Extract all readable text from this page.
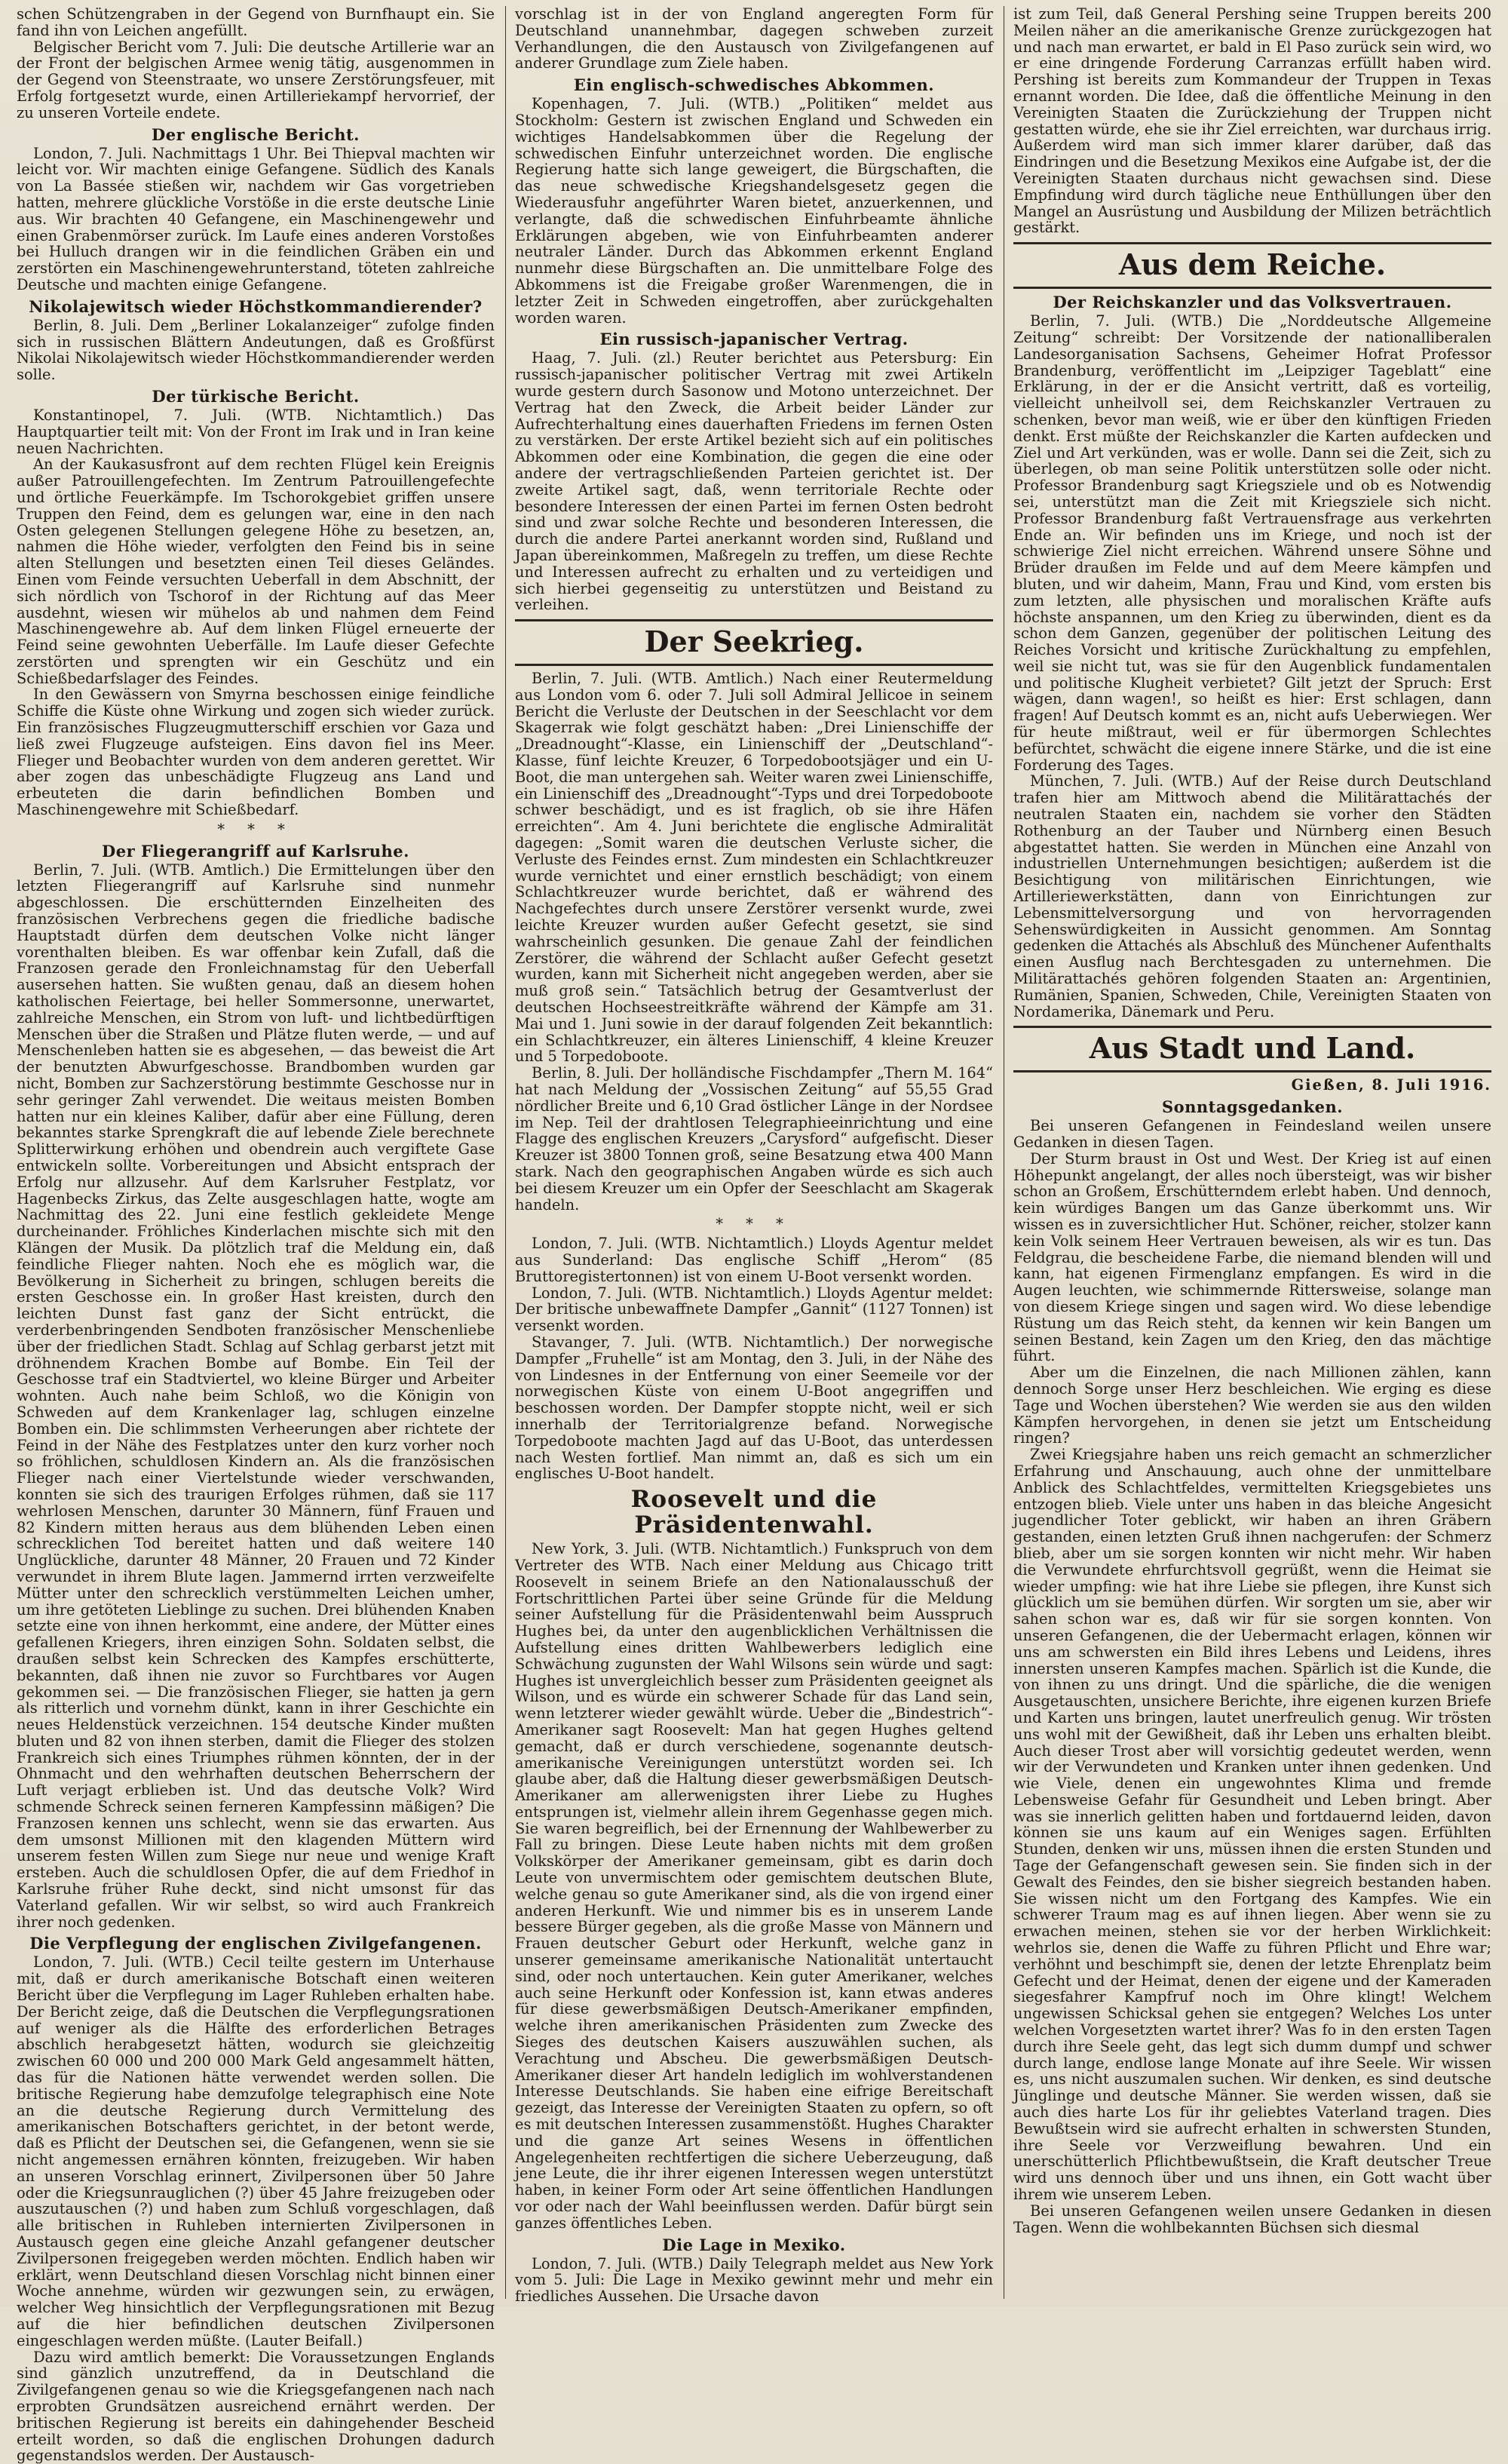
schen Schützengraben in der Gegend von Burnfhaupt ein. Sie fand ihn von Leichen angefüllt.

Belgischer Bericht vom 7. Juli: Die deutsche Artillerie war an der Front der belgischen Armee wenig tätig, ausgenommen in der Gegend von Steenstraate, wo unsere Zerstörungsfeuer, mit Erfolg fortgesetzt wurde, einen Artilleriekampf hervorrief, der zu unseren Vorteile endete.

Der englische Bericht.

London, 7. Juli. Nachmittags 1 Uhr. Bei Thiepval machten wir leicht vor. Wir machten einige Gefangene. Südlich des Kanals von La Bassée stießen wir, nachdem wir Gas vorgetrieben hatten, mehrere glückliche Vorstöße in die erste deutsche Linie aus. Wir brachten 40 Gefangene, ein Maschinengewehr und einen Grabenmörser zurück. Im Laufe eines anderen Vorstoßes bei Hulluch drangen wir in die feindlichen Gräben ein und zerstörten ein Maschinengewehrunterstand, töteten zahlreiche Deutsche und machten einige Gefangene.

Nikolajewitsch wieder Höchstkommandierender?

Berlin, 8. Juli. Dem „Berliner Lokalanzeiger“ zufolge finden sich in russischen Blättern Andeutungen, daß es Großfürst Nikolai Nikolajewitsch wieder Höchstkommandierender werden solle.

Der türkische Bericht.

Konstantinopel, 7. Juli. (WTB. Nichtamtlich.) Das Hauptquartier teilt mit: Von der Front im Irak und in Iran keine neuen Nachrichten.

An der Kaukasusfront auf dem rechten Flügel kein Ereignis außer Patrouillengefechten. Im Zentrum Patrouillengefechte und örtliche Feuerkämpfe. Im Tschorokgebiet griffen unsere Truppen den Feind, dem es gelungen war, eine in den nach Osten gelegenen Stellungen gelegene Höhe zu besetzen, an, nahmen die Höhe wieder, verfolgten den Feind bis in seine alten Stellungen und besetzten einen Teil dieses Geländes. Einen vom Feinde versuchten Ueberfall in dem Abschnitt, der sich nördlich von Tschorof in der Richtung auf das Meer ausdehnt, wiesen wir mühelos ab und nahmen dem Feind Maschinengewehre ab. Auf dem linken Flügel erneuerte der Feind seine gewohnten Ueberfälle. Im Laufe dieser Gefechte zerstörten und sprengten wir ein Geschütz und ein Schießbedarfslager des Feindes.

In den Gewässern von Smyrna beschossen einige feindliche Schiffe die Küste ohne Wirkung und zogen sich wieder zurück. Ein französisches Flugzeugmutterschiff erschien vor Gaza und ließ zwei Flugzeuge aufsteigen. Eins davon fiel ins Meer. Flieger und Beobachter wurden von dem anderen gerettet. Wir aber zogen das unbeschädigte Flugzeug ans Land und erbeuteten die darin befindlichen Bomben und Maschinengewehre mit Schießbedarf.

* * *
Der Fliegerangriff auf Karlsruhe.

Berlin, 7. Juli. (WTB. Amtlich.) Die Ermittelungen über den letzten Fliegerangriff auf Karlsruhe sind nunmehr abgeschlossen. Die erschütternden Einzelheiten des französischen Verbrechens gegen die friedliche badische Hauptstadt dürfen dem deutschen Volke nicht länger vorenthalten bleiben. Es war offenbar kein Zufall, daß die Franzosen gerade den Fronleichnamstag für den Ueberfall ausersehen hatten. Sie wußten genau, daß an diesem hohen katholischen Feiertage, bei heller Sommersonne, unerwartet, zahlreiche Menschen, ein Strom von luft- und lichtbedürftigen Menschen über die Straßen und Plätze fluten werde, — und auf Menschenleben hatten sie es abgesehen, — das beweist die Art der benutzten Abwurfgeschosse. Brandbomben wurden gar nicht, Bomben zur Sachzerstörung bestimmte Geschosse nur in sehr geringer Zahl verwendet. Die weitaus meisten Bomben hatten nur ein kleines Kaliber, dafür aber eine Füllung, deren bekanntes starke Sprengkraft die auf lebende Ziele berechnete Splitterwirkung erhöhen und obendrein auch vergiftete Gase entwickeln sollte. Vorbereitungen und Absicht entsprach der Erfolg nur allzusehr. Auf dem Karlsruher Festplatz, vor Hagenbecks Zirkus, das Zelte ausgeschlagen hatte, wogte am Nachmittag des 22. Juni eine festlich gekleidete Menge durcheinander. Fröhliches Kinderlachen mischte sich mit den Klängen der Musik. Da plötzlich traf die Meldung ein, daß feindliche Flieger nahten. Noch ehe es möglich war, die Bevölkerung in Sicherheit zu bringen, schlugen bereits die ersten Geschosse ein. In großer Hast kreisten, durch den leichten Dunst fast ganz der Sicht entrückt, die verderbenbringenden Sendboten französischer Menschenliebe über der friedlichen Stadt. Schlag auf Schlag gerbarst jetzt mit dröhnendem Krachen Bombe auf Bombe. Ein Teil der Geschosse traf ein Stadtviertel, wo kleine Bürger und Arbeiter wohnten. Auch nahe beim Schloß, wo die Königin von Schweden auf dem Krankenlager lag, schlugen einzelne Bomben ein. Die schlimmsten Verheerungen aber richtete der Feind in der Nähe des Festplatzes unter den kurz vorher noch so fröhlichen, schuldlosen Kindern an. Als die französischen Flieger nach einer Viertelstunde wieder verschwanden, konnten sie sich des traurigen Erfolges rühmen, daß sie 117 wehrlosen Menschen, darunter 30 Männern, fünf Frauen und 82 Kindern mitten heraus aus dem blühenden Leben einen schrecklichen Tod bereitet hatten und daß weitere 140 Unglückliche, darunter 48 Männer, 20 Frauen und 72 Kinder verwundet in ihrem Blute lagen. Jammernd irrten verzweifelte Mütter unter den schrecklich verstümmelten Leichen umher, um ihre getöteten Lieblinge zu suchen. Drei blühenden Knaben setzte eine von ihnen herkommt, eine andere, der Mütter eines gefallenen Kriegers, ihren einzigen Sohn. Soldaten selbst, die draußen selbst kein Schrecken des Kampfes erschütterte, bekannten, daß ihnen nie zuvor so Furchtbares vor Augen gekommen sei. — Die französischen Flieger, sie hatten ja gern als ritterlich und vornehm dünkt, kann in ihrer Geschichte ein neues Heldenstück verzeichnen. 154 deutsche Kinder mußten bluten und 82 von ihnen sterben, damit die Flieger des stolzen Frankreich sich eines Triumphes rühmen könnten, der in der Ohnmacht und den wehrhaften deutschen Beherrschern der Luft verjagt erblieben ist. Und das deutsche Volk? Wird schmende Schreck seinen ferneren Kampfessinn mäßigen? Die Franzosen kennen uns schlecht, wenn sie das erwarten. Aus dem umsonst Millionen mit den klagenden Müttern wird unserem festen Willen zum Siege nur neue und wenige Kraft ersteben. Auch die schuldlosen Opfer, die auf dem Friedhof in Karlsruhe früher Ruhe deckt, sind nicht umsonst für das Vaterland gefallen. Wir wir selbst, so wird auch Frankreich ihrer noch gedenken.

Die Verpflegung der englischen Zivilgefangenen.

London, 7. Juli. (WTB.) Cecil teilte gestern im Unterhause mit, daß er durch amerikanische Botschaft einen weiteren Bericht über die Verpflegung im Lager Ruhleben erhalten habe. Der Bericht zeige, daß die Deutschen die Verpflegungsrationen auf weniger als die Hälfte des erforderlichen Betrages abschlich herabgesetzt hätten, wodurch sie gleichzeitig zwischen 60 000 und 200 000 Mark Geld angesammelt hätten, das für die Nationen hätte verwendet werden sollen. Die britische Regierung habe demzufolge telegraphisch eine Note an die deutsche Regierung durch Vermittelung des amerikanischen Botschafters gerichtet, in der betont werde, daß es Pflicht der Deutschen sei, die Gefangenen, wenn sie sie nicht angemessen ernähren könnten, freizugeben. Wir haben an unseren Vorschlag erinnert, Zivilpersonen über 50 Jahre oder die Kriegsunrauglichen (?) über 45 Jahre freizugeben oder auszutauschen (?) und haben zum Schluß vorgeschlagen, daß alle britischen in Ruhleben internierten Zivilpersonen in Austausch gegen eine gleiche Anzahl gefangener deutscher Zivilpersonen freigegeben werden möchten. Endlich haben wir erklärt, wenn Deutschland diesen Vorschlag nicht binnen einer Woche annehme, würden wir gezwungen sein, zu erwägen, welcher Weg hinsichtlich der Verpflegungsrationen mit Bezug auf die hier befindlichen deutschen Zivilpersonen eingeschlagen werden müßte. (Lauter Beifall.)

Dazu wird amtlich bemerkt: Die Voraussetzungen Englands sind gänzlich unzutreffend, da in Deutschland die Zivilgefangenen genau so wie die Kriegsgefangenen nach nach erprobten Grundsätzen ausreichend ernährt werden. Der britischen Regierung ist bereits ein dahingehender Bescheid erteilt worden, so daß die englischen Drohungen dadurch gegenstandslos werden. Der Austausch-

vorschlag ist in der von England angeregten Form für Deutschland unannehmbar, dagegen schweben zurzeit Verhandlungen, die den Austausch von Zivilgefangenen auf anderer Grundlage zum Ziele haben.

Ein englisch-schwedisches Abkommen.

Kopenhagen, 7. Juli. (WTB.) „Politiken“ meldet aus Stockholm: Gestern ist zwischen England und Schweden ein wichtiges Handelsabkommen über die Regelung der schwedischen Einfuhr unterzeichnet worden. Die englische Regierung hatte sich lange geweigert, die Bürgschaften, die das neue schwedische Kriegshandelsgesetz gegen die Wiederausfuhr angeführter Waren bietet, anzuerkennen, und verlangte, daß die schwedischen Einfuhrbeamte ähnliche Erklärungen abgeben, wie von Einfuhrbeamten anderer neutraler Länder. Durch das Abkommen erkennt England nunmehr diese Bürgschaften an. Die unmittelbare Folge des Abkommens ist die Freigabe großer Warenmengen, die in letzter Zeit in Schweden eingetroffen, aber zurückgehalten worden waren.

Ein russisch-japanischer Vertrag.

Haag, 7. Juli. (zl.) Reuter berichtet aus Petersburg: Ein russisch-japanischer politischer Vertrag mit zwei Artikeln wurde gestern durch Sasonow und Motono unterzeichnet. Der Vertrag hat den Zweck, die Arbeit beider Länder zur Aufrechterhaltung eines dauerhaften Friedens im fernen Osten zu verstärken. Der erste Artikel bezieht sich auf ein politisches Abkommen oder eine Kombination, die gegen die eine oder andere der vertragschließenden Parteien gerichtet ist. Der zweite Artikel sagt, daß, wenn territoriale Rechte oder besondere Interessen der einen Partei im fernen Osten bedroht sind und zwar solche Rechte und besonderen Interessen, die durch die andere Partei anerkannt worden sind, Rußland und Japan übereinkommen, Maßregeln zu treffen, um diese Rechte und Interessen aufrecht zu erhalten und zu verteidigen und sich hierbei gegenseitig zu unterstützen und Beistand zu verleihen.

Der Seekrieg.

Berlin, 7. Juli. (WTB. Amtlich.) Nach einer Reutermeldung aus London vom 6. oder 7. Juli soll Admiral Jellicoe in seinem Bericht die Verluste der Deutschen in der Seeschlacht vor dem Skagerrak wie folgt geschätzt haben: „Drei Linienschiffe der „Dreadnought“-Klasse, ein Linienschiff der „Deutschland“-Klasse, fünf leichte Kreuzer, 6 Torpedobootsjäger und ein U-Boot, die man untergehen sah. Weiter waren zwei Linienschiffe, ein Linienschiff des „Dreadnought“-Typs und drei Torpedoboote schwer beschädigt, und es ist fraglich, ob sie ihre Häfen erreichten“. Am 4. Juni berichtete die englische Admiralität dagegen: „Somit waren die deutschen Verluste sicher, die Verluste des Feindes ernst. Zum mindesten ein Schlachtkreuzer wurde vernichtet und einer ernstlich beschädigt; von einem Schlachtkreuzer wurde berichtet, daß er während des Nachgefechtes durch unsere Zerstörer versenkt wurde, zwei leichte Kreuzer wurden außer Gefecht gesetzt, sie sind wahrscheinlich gesunken. Die genaue Zahl der feindlichen Zerstörer, die während der Schlacht außer Gefecht gesetzt wurden, kann mit Sicherheit nicht angegeben werden, aber sie muß groß sein.“ Tatsächlich betrug der Gesamtverlust der deutschen Hochseestreitkräfte während der Kämpfe am 31. Mai und 1. Juni sowie in der darauf folgenden Zeit bekanntlich: ein Schlachtkreuzer, ein älteres Linienschiff, 4 kleine Kreuzer und 5 Torpedoboote.

Berlin, 8. Juli. Der holländische Fischdampfer „Thern M. 164“ hat nach Meldung der „Vossischen Zeitung“ auf 55,55 Grad nördlicher Breite und 6,10 Grad östlicher Länge in der Nordsee im Nep. Teil der drahtlosen Telegraphieeinrichtung und eine Flagge des englischen Kreuzers „Carysford“ aufgefischt. Dieser Kreuzer ist 3800 Tonnen groß, seine Besatzung etwa 400 Mann stark. Nach den geographischen Angaben würde es sich auch bei diesem Kreuzer um ein Opfer der Seeschlacht am Skagerak handeln.

* * *

London, 7. Juli. (WTB. Nichtamtlich.) Lloyds Agentur meldet aus Sunderland: Das englische Schiff „Herom“ (85 Bruttoregistertonnen) ist von einem U-Boot versenkt worden.

London, 7. Juli. (WTB. Nichtamtlich.) Lloyds Agentur meldet: Der britische unbewaffnete Dampfer „Gannit“ (1127 Tonnen) ist versenkt worden.

Stavanger, 7. Juli. (WTB. Nichtamtlich.) Der norwegische Dampfer „Fruhelle“ ist am Montag, den 3. Juli, in der Nähe des von Lindesnes in der Entfernung von einer Seemeile vor der norwegischen Küste von einem U-Boot angegriffen und beschossen worden. Der Dampfer stoppte nicht, weil er sich innerhalb der Territorialgrenze befand. Norwegische Torpedoboote machten Jagd auf das U-Boot, das unterdessen nach Westen fortlief. Man nimmt an, daß es sich um ein englisches U-Boot handelt.

Roosevelt und die Präsidentenwahl.

New York, 3. Juli. (WTB. Nichtamtlich.) Funkspruch von dem Vertreter des WTB. Nach einer Meldung aus Chicago tritt Roosevelt in seinem Briefe an den Nationalausschuß der Fortschrittlichen Partei über seine Gründe für die Meldung seiner Aufstellung für die Präsidentenwahl beim Ausspruch Hughes bei, da unter den augenblicklichen Verhältnissen die Aufstellung eines dritten Wahlbewerbers lediglich eine Schwächung zugunsten der Wahl Wilsons sein würde und sagt: Hughes ist unvergleichlich besser zum Präsidenten geeignet als Wilson, und es würde ein schwerer Schade für das Land sein, wenn letzterer wieder gewählt würde. Ueber die „Bindestrich“-Amerikaner sagt Roosevelt: Man hat gegen Hughes geltend gemacht, daß er durch verschiedene, sogenannte deutsch-amerikanische Vereinigungen unterstützt worden sei. Ich glaube aber, daß die Haltung dieser gewerbsmäßigen Deutsch-Amerikaner am allerwenigsten ihrer Liebe zu Hughes entsprungen ist, vielmehr allein ihrem Gegenhasse gegen mich. Sie waren begreiflich, bei der Ernennung der Wahlbewerber zu Fall zu bringen. Diese Leute haben nichts mit dem großen Volkskörper der Amerikaner gemeinsam, gibt es darin doch Leute von unvermischtem oder gemischtem deutschen Blute, welche genau so gute Amerikaner sind, als die von irgend einer anderen Herkunft. Wie und nimmer bis es in unserem Lande bessere Bürger gegeben, als die große Masse von Männern und Frauen deutscher Geburt oder Herkunft, welche ganz in unserer gemeinsame amerikanische Nationalität untertaucht sind, oder noch untertauchen. Kein guter Amerikaner, welches auch seine Herkunft oder Konfession ist, kann etwas anderes für diese gewerbsmäßigen Deutsch-Amerikaner empfinden, welche ihren amerikanischen Präsidenten zum Zwecke des Sieges des deutschen Kaisers auszuwählen suchen, als Verachtung und Abscheu. Die gewerbsmäßigen Deutsch-Amerikaner dieser Art handeln lediglich im wohlverstandenen Interesse Deutschlands. Sie haben eine eifrige Bereitschaft gezeigt, das Interesse der Vereinigten Staaten zu opfern, so oft es mit deutschen Interessen zusammenstößt. Hughes Charakter und die ganze Art seines Wesens in öffentlichen Angelegenheiten rechtfertigen die sichere Ueberzeugung, daß jene Leute, die ihr ihrer eigenen Interessen wegen unterstützt haben, in keiner Form oder Art seine öffentlichen Handlungen vor oder nach der Wahl beeinflussen werden. Dafür bürgt sein ganzes öffentliches Leben.

Die Lage in Mexiko.

London, 7. Juli. (WTB.) Daily Telegraph meldet aus New York vom 5. Juli: Die Lage in Mexiko gewinnt mehr und mehr ein friedliches Aussehen. Die Ursache davon

ist zum Teil, daß General Pershing seine Truppen bereits 200 Meilen näher an die amerikanische Grenze zurückgezogen hat und nach man erwartet, er bald in El Paso zurück sein wird, wo er eine dringende Forderung Carranzas erfüllt haben wird. Pershing ist bereits zum Kommandeur der Truppen in Texas ernannt worden. Die Idee, daß die öffentliche Meinung in den Vereinigten Staaten die Zurückziehung der Truppen nicht gestatten würde, ehe sie ihr Ziel erreichten, war durchaus irrig. Außerdem wird man sich immer klarer darüber, daß das Eindringen und die Besetzung Mexikos eine Aufgabe ist, der die Vereinigten Staaten durchaus nicht gewachsen sind. Diese Empfindung wird durch tägliche neue Enthüllungen über den Mangel an Ausrüstung und Ausbildung der Milizen beträchtlich gestärkt.

Aus dem Reiche.
Der Reichskanzler und das Volksvertrauen.

Berlin, 7. Juli. (WTB.) Die „Norddeutsche Allgemeine Zeitung“ schreibt: Der Vorsitzende der nationalliberalen Landesorganisation Sachsens, Geheimer Hofrat Professor Brandenburg, veröffentlicht im „Leipziger Tageblatt“ eine Erklärung, in der er die Ansicht vertritt, daß es vorteilig, vielleicht unheilvoll sei, dem Reichskanzler Vertrauen zu schenken, bevor man weiß, wie er über den künftigen Frieden denkt. Erst müßte der Reichskanzler die Karten aufdecken und Ziel und Art verkünden, was er wolle. Dann sei die Zeit, sich zu überlegen, ob man seine Politik unterstützen solle oder nicht. Professor Brandenburg sagt Kriegsziele und ob es Notwendig sei, unterstützt man die Zeit mit Kriegsziele sich nicht. Professor Brandenburg faßt Vertrauensfrage aus verkehrten Ende an. Wir befinden uns im Kriege, und noch ist der schwierige Ziel nicht erreichen. Während unsere Söhne und Brüder draußen im Felde und auf dem Meere kämpfen und bluten, und wir daheim, Mann, Frau und Kind, vom ersten bis zum letzten, alle physischen und moralischen Kräfte aufs höchste anspannen, um den Krieg zu überwinden, dient es da schon dem Ganzen, gegenüber der politischen Leitung des Reiches Vorsicht und kritische Zurückhaltung zu empfehlen, weil sie nicht tut, was sie für den Augenblick fundamentalen und politische Klugheit verbietet? Gilt jetzt der Spruch: Erst wägen, dann wagen!, so heißt es hier: Erst schlagen, dann fragen! Auf Deutsch kommt es an, nicht aufs Ueberwiegen. Wer für heute mißtraut, weil er für übermorgen Schlechtes befürchtet, schwächt die eigene innere Stärke, und die ist eine Forderung des Tages.

München, 7. Juli. (WTB.) Auf der Reise durch Deutschland trafen hier am Mittwoch abend die Militärattachés der neutralen Staaten ein, nachdem sie vorher den Städten Rothenburg an der Tauber und Nürnberg einen Besuch abgestattet hatten. Sie werden in München eine Anzahl von industriellen Unternehmungen besichtigen; außerdem ist die Besichtigung von militärischen Einrichtungen, wie Artilleriewerkstätten, dann von Einrichtungen zur Lebensmittelversorgung und von hervorragenden Sehenswürdigkeiten in Aussicht genommen. Am Sonntag gedenken die Attachés als Abschluß des Münchener Aufenthalts einen Ausflug nach Berchtesgaden zu unternehmen. Die Militärattachés gehören folgenden Staaten an: Argentinien, Rumänien, Spanien, Schweden, Chile, Vereinigten Staaten von Nordamerika, Dänemark und Peru.

Aus Stadt und Land.
Gießen, 8. Juli 1916.
Sonntagsgedanken.

Bei unseren Gefangenen in Feindesland weilen unsere Gedanken in diesen Tagen.

Der Sturm braust in Ost und West. Der Krieg ist auf einen Höhepunkt angelangt, der alles noch übersteigt, was wir bisher schon an Großem, Erschütterndem erlebt haben. Und dennoch, kein würdiges Bangen um das Ganze überkommt uns. Wir wissen es in zuversichtlicher Hut. Schöner, reicher, stolzer kann kein Volk seinem Heer Vertrauen beweisen, als wir es tun. Das Feldgrau, die bescheidene Farbe, die niemand blenden will und kann, hat eigenen Firmenglanz empfangen. Es wird in die Augen leuchten, wie schimmernde Rittersweise, solange man von diesem Kriege singen und sagen wird. Wo diese lebendige Rüstung um das Reich steht, da kennen wir kein Bangen um seinen Bestand, kein Zagen um den Krieg, den das mächtige führt.

Aber um die Einzelnen, die nach Millionen zählen, kann dennoch Sorge unser Herz beschleichen. Wie erging es diese Tage und Wochen überstehen? Wie werden sie aus den wilden Kämpfen hervorgehen, in denen sie jetzt um Entscheidung ringen?

Zwei Kriegsjahre haben uns reich gemacht an schmerzlicher Erfahrung und Anschauung, auch ohne der unmittelbare Anblick des Schlachtfeldes, vermittelten Kriegsgebietes uns entzogen blieb. Viele unter uns haben in das bleiche Angesicht jugendlicher Toter geblickt, wir haben an ihren Gräbern gestanden, einen letzten Gruß ihnen nachgerufen: der Schmerz blieb, aber um sie sorgen konnten wir nicht mehr. Wir haben die Verwundete ehrfurchtsvoll gegrüßt, wenn die Heimat sie wieder umpfing: wie hat ihre Liebe sie pflegen, ihre Kunst sich glücklich um sie bemühen dürfen. Wir sorgten um sie, aber wir sahen schon war es, daß wir für sie sorgen konnten. Von unseren Gefangenen, die der Uebermacht erlagen, können wir uns am schwersten ein Bild ihres Lebens und Leidens, ihres innersten unseren Kampfes machen. Spärlich ist die Kunde, die von ihnen zu uns dringt. Und die spärliche, die die wenigen Ausgetauschten, unsichere Berichte, ihre eigenen kurzen Briefe und Karten uns bringen, lautet unerfreulich genug. Wir trösten uns wohl mit der Gewißheit, daß ihr Leben uns erhalten bleibt. Auch dieser Trost aber will vorsichtig gedeutet werden, wenn wir der Verwundeten und Kranken unter ihnen gedenken. Und wie Viele, denen ein ungewohntes Klima und fremde Lebensweise Gefahr für Gesundheit und Leben bringt. Aber was sie innerlich gelitten haben und fortdauernd leiden, davon können sie uns kaum auf ein Weniges sagen. Erfühlten Stunden, denken wir uns, müssen ihnen die ersten Stunden und Tage der Gefangenschaft gewesen sein. Sie finden sich in der Gewalt des Feindes, den sie bisher siegreich bestanden haben. Sie wissen nicht um den Fortgang des Kampfes. Wie ein schwerer Traum mag es auf ihnen liegen. Aber wenn sie zu erwachen meinen, stehen sie vor der herben Wirklichkeit: wehrlos sie, denen die Waffe zu führen Pflicht und Ehre war; verhöhnt und beschimpft sie, denen der letzte Ehrenplatz beim Gefecht und der Heimat, denen der eigene und der Kameraden siegesfahrer Kampfruf noch im Ohre klingt! Welchem ungewissen Schicksal gehen sie entgegen? Welches Los unter welchen Vorgesetzten wartet ihrer? Was fo in den ersten Tagen durch ihre Seele geht, das legt sich dumm dumpf und schwer durch lange, endlose lange Monate auf ihre Seele. Wir wissen es, uns nicht auszumalen suchen. Wir denken, es sind deutsche Jünglinge und deutsche Männer. Sie werden wissen, daß sie auch dies harte Los für ihr geliebtes Vaterland tragen. Dies Bewußtsein wird sie aufrecht erhalten in schwersten Stunden, ihre Seele vor Verzweiflung bewahren. Und ein unerschütterlich Pflichtbewußtsein, die Kraft deutscher Treue wird uns dennoch über und uns ihnen, ein Gott wacht über ihrem wie unserem Leben.

Bei unseren Gefangenen weilen unsere Gedanken in diesen Tagen. Wenn die wohlbekannten Büchsen sich diesmal
